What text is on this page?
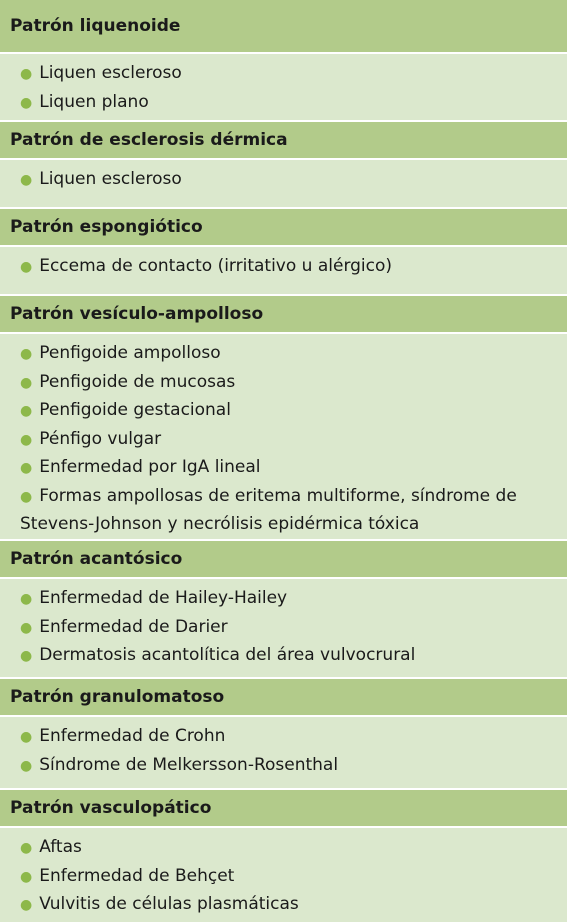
Patrón liquenoide
● Liquen escleroso
● Liquen plano
Patrón de esclerosis dérmica
● Liquen escleroso
Patrón espongiótico
● Eccema de contacto (irritativo u alérgico)
Patrón vesículo-ampolloso
● Penfigoide ampolloso
● Penfigoide de mucosas
● Penfigoide gestacional
● Pénfigo vulgar
● Enfermedad por IgA lineal
● Formas ampollosas de eritema multiforme, síndrome de Stevens-Johnson y necrólisis epidérmica tóxica
Patrón acantósico
● Enfermedad de Hailey-Hailey
● Enfermedad de Darier
● Dermatosis acantolítica del área vulvocrural
Patrón granulomatoso
● Enfermedad de Crohn
● Síndrome de Melkersson-Rosenthal
Patrón vasculopático
● Aftas
● Enfermedad de Behçet
● Vulvitis de células plasmáticas
